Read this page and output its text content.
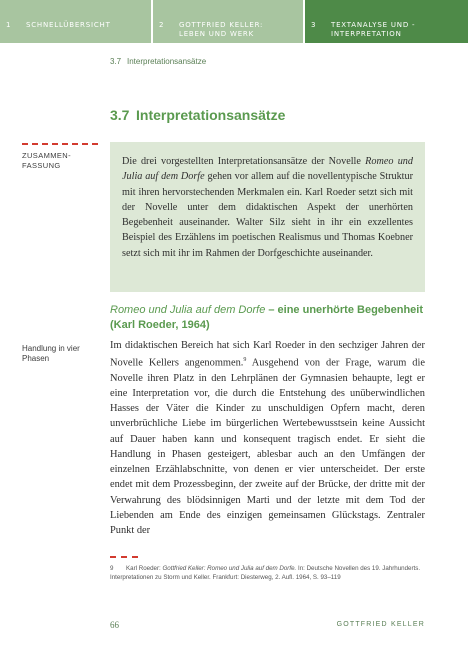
1 SCHNELLÜBERSICHT	2 GOTTFRIED KELLER: LEBEN UND WERK
3 TEXTANALYSE UND -INTERPRETATION
3.7 Interpretationsansätze
3.7 Interpretationsansätze
ZUSAMMEN- FASSUNG	Die drei vorgestellten Interpretationsansätze der Novelle Romeo und Julia auf dem Dorfe gehen vor allem auf die novellentypische Struktur mit ihren hervorstechenden Merkmalen ein. Karl Roeder setzt sich mit der Novelle unter dem didaktischen Aspekt der unerhörten Begebenheit auseinander. Walter Silz sieht in ihr ein exzellentes Beispiel des Erzählens im poetischen Realismus und Thomas Koebner setzt sich mit ihr im Rahmen der Dorfgeschichte auseinander.

Romeo und Julia auf dem Dorfe – eine unerhörte Begebenheit (Karl Roeder, 1964)
Handlung in vier Phasen

Im didaktischen Bereich hat sich Karl Roeder in den sechziger Jahren der Novelle Kellers angenommen.$^9$ Ausgehend von der Frage, warum die Novelle ihren Platz in den Lehrplänen der Gymnasien behaupte, legt er eine Interpretation vor, die durch die Entstehung des unüberwindlichen Hasses der Väter die Kinder zu unschuldigen Opfern macht, deren unverbrüchliche Liebe im bürgerlichen Wertebewusstsein keine Aussicht auf Dauer haben kann und konsequent tragisch endet. Er sieht die Handlung in Phasen gesteigert, ablesbar auch an den Umfängen der einzelnen Erzählabschnitte, von denen er vier unterscheidet. Der erste endet mit dem Prozessbeginn, der zweite auf der Brücke, der dritte mit der Verwahrung des blödsinnigen Marti und der letzte mit dem Tod der Liebenden am Ende des einzigen gemeinsamen Glückstags. Zentraler Punkt der

9 Karl Roeder: Gottfried Keller: Romeo und Julia auf dem Dorfe. In: Deutsche Novellen des 19. Jahrhunderts. Interpretationen zu Storm und Keller. Frankfurt: Diesterweg, 2. Aufl. 1964, S. 93–119
66	GOTTFRIED KELLER
